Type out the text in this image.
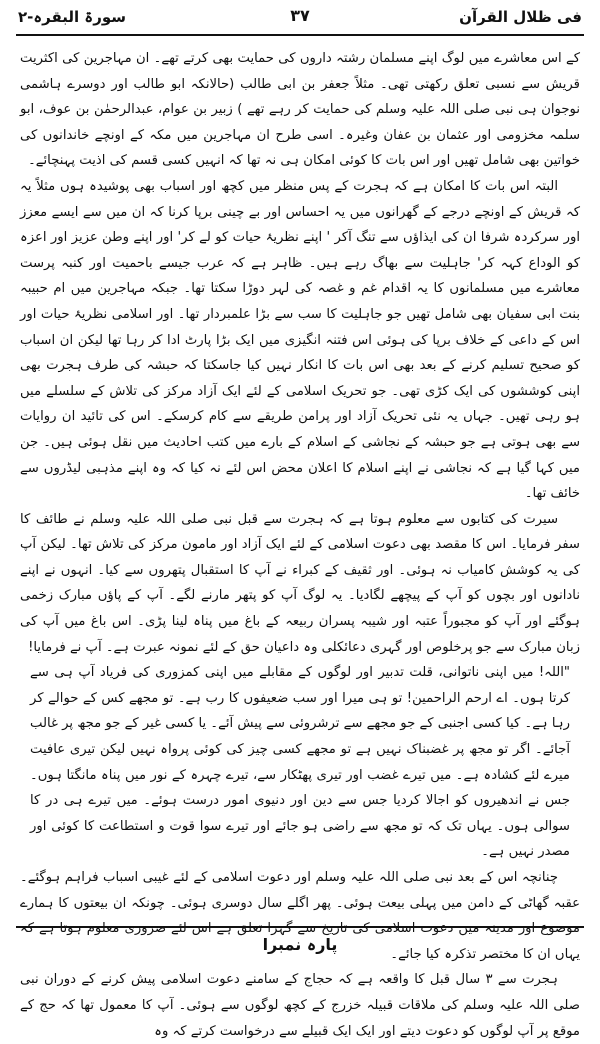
فی ظلال القرآن
۳۷
سورۃ البقرہ-۲

کے اس معاشرے میں لوگ اپنے مسلمان رشتہ داروں کی حمایت بھی کرتے تھے۔ ان مہاجرین کی اکثریت قریش سے نسبی تعلق رکھتی تھی۔ مثلاً جعفر بن ابی طالب (حالانکہ ابو طالب اور دوسرے ہاشمی نوجوان ہی نبی صلی اللہ علیہ وسلم کی حمایت کر رہے تھے ) زبیر بن عوام، عبدالرحمٰن بن عوف، ابو سلمہ مخزومی اور عثمان بن عفان وغیرہ۔ اسی طرح ان مہاجرین میں مکہ کے اونچے خاندانوں کی خواتین بھی شامل تھیں اور اس بات کا کوئی امکان ہی نہ تھا کہ انہیں کسی قسم کی اذیت پہنچائے۔

البتہ اس بات کا امکان ہے کہ ہجرت کے پس منظر میں کچھ اور اسباب بھی پوشیدہ ہوں مثلاً یہ کہ قریش کے اونچے درجے کے گھرانوں میں یہ احساس اور بے چینی برپا کرنا کہ ان میں سے ایسے معزز اور سرکردہ شرفا ان کی ایذاؤں سے تنگ آکر ' اپنے نظریۂ حیات کو لے کر' اور اپنے وطن عزیز اور اعزہ کو الوداع کہہ کر' جاہلیت سے بھاگ رہے ہیں۔ ظاہر ہے کہ عرب جیسے باحمیت اور کنبہ پرست معاشرے میں مسلمانوں کا یہ اقدام غم و غصہ کی لہر دوڑا سکتا تھا۔ جبکہ مہاجرین میں ام حبیبہ بنت ابی سفیان بھی شامل تھیں جو جاہلیت کا سب سے بڑا علمبردار تھا۔ اور اسلامی نظریۂ حیات اور اس کے داعی کے خلاف برپا کی ہوئی اس فتنہ انگیزی میں ایک بڑا پارٹ ادا کر رہا تھا لیکن ان اسباب کو صحیح تسلیم کرنے کے بعد بھی اس بات کا انکار نہیں کیا جاسکتا کہ حبشہ کی طرف ہجرت بھی اپنی کوششوں کی ایک کڑی تھی۔ جو تحریک اسلامی کے لئے ایک آزاد مرکز کی تلاش کے سلسلے میں ہو رہی تھیں۔ جہاں یہ نئی تحریک آزاد اور پرامن طریقے سے کام کرسکے۔ اس کی تائید ان روایات سے بھی ہوتی ہے جو حبشہ کے نجاشی کے اسلام کے بارے میں کتب احادیث میں نقل ہوئی ہیں۔ جن میں کہا گیا ہے کہ نجاشی نے اپنے اسلام کا اعلان محض اس لئے نہ کیا کہ وہ اپنے مذہبی لیڈروں سے خائف تھا۔

سیرت کی کتابوں سے معلوم ہوتا ہے کہ ہجرت سے قبل نبی صلی اللہ علیہ وسلم نے طائف کا سفر فرمایا۔ اس کا مقصد بھی دعوت اسلامی کے لئے ایک آزاد اور مامون مرکز کی تلاش تھا۔ لیکن آپ کی یہ کوشش کامیاب نہ ہوئی۔ اور ثقیف کے کبراء نے آپ کا استقبال پتھروں سے کیا۔ انہوں نے اپنے نادانوں اور بچوں کو آپ کے پیچھے لگادیا۔ یہ لوگ آپ کو پتھر مارنے لگے۔ آپ کے پاؤں مبارک زخمی ہوگئے اور آپ کو مجبوراً عتبہ اور شیبہ پسران ربیعہ کے باغ میں پناہ لینا پڑی۔ اس باغ میں آپ کی زبان مبارک سے جو پرخلوص اور گہری دعائکلی وہ داعیان حق کے لئے نمونہ عبرت ہے۔ آپ نے فرمایا!

"اللہ! میں اپنی ناتوانی، قلت تدبیر اور لوگوں کے مقابلے میں اپنی کمزوری کی فریاد آپ ہی سے کرتا ہوں۔ اے ارحم الراحمین! تو ہی میرا اور سب ضعیفوں کا رب ہے۔ تو مجھے کس کے حوالے کر رہا ہے۔ کیا کسی اجنبی کے جو مجھے سے ترشروئی سے پیش آئے۔ یا کسی غیر کے جو مجھ پر غالب آجائے۔ اگر تو مجھ پر غضبناک نہیں ہے تو مجھے کسی چیز کی کوئی پرواہ نہیں لیکن تیری عافیت میرے لئے کشادہ ہے۔ میں تیرے غضب اور تیری پھٹکار سے، تیرے چہرہ کے نور میں پناہ مانگتا ہوں۔ جس نے اندھیروں کو اجالا کردیا جس سے دین اور دنیوی امور درست ہوئے۔ میں تیرے ہی در کا سوالی ہوں۔ یہاں تک کہ تو مجھ سے راضی ہو جائے اور تیرے سوا قوت و استطاعت کا کوئی اور مصدر نہیں ہے۔

چنانچہ اس کے بعد نبی صلی اللہ علیہ وسلم اور دعوت اسلامی کے لئے غیبی اسباب فراہم ہوگئے۔ عقبہ گھاٹی کے دامن میں پہلی بیعت ہوئی۔ پھر اگلے سال دوسری ہوئی۔ چونکہ ان بیعتوں کا ہمارے موضوع اور مدینہ میں دعوت اسلامی کی تاریخ سے گہرا تعلق ہے اس لئے ضروری معلوم ہوتا ہے کہ یہاں ان کا مختصر تذکرہ کیا جائے۔

ہجرت سے ۳ سال قبل کا واقعہ ہے کہ حجاج کے سامنے دعوت اسلامی پیش کرنے کے دوران نبی صلی اللہ علیہ وسلم کی ملاقات قبیلہ خزرج کے کچھ لوگوں سے ہوئی۔ آپ کا معمول تھا کہ حج کے موقع پر آپ لوگوں کو دعوت دیتے اور ایک ایک قبیلے سے درخواست کرتے کہ وہ

پارہ نمبرا
